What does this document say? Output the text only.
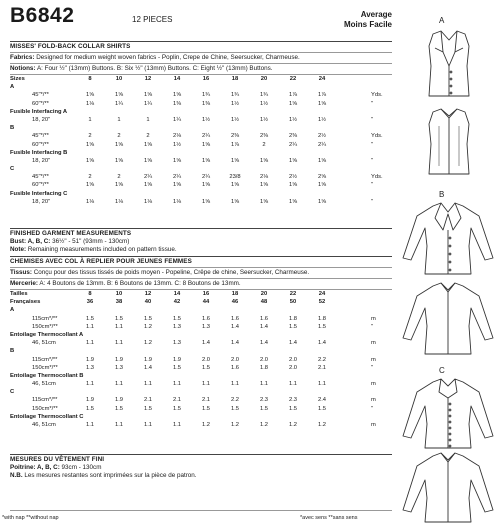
B6842	12 PIECES
Average
Moins Facile
MISSES' FOLD-BACK COLLAR SHIRTS
Fabrics: Designed for medium weight woven fabrics - Poplin, Crepe de Chine, Seersucker, Charmeuse.
Notions: A: Four ½" (13mm) Buttons. B: Six ½" (13mm) Buttons. C: Eight ½" (13mm) Buttons.
Sizes	8	10	12	14	16	18	20	22	24
A
45"*/**	1⅝	1⅝	1⅝	1⅝	1¾	1¾	1¾	1⅞	1⅞	Yds.
60"*/**	1⅛	1¼	1¼	1⅜	1⅜	1½	1½	1⅝	1⅝	"
Fusible Interfacing A
18, 20"	1	1	1	1¼	1½	1½	1½	1½	1½	"
B
45"*/**	2	2	2	2⅛	2¼	2⅜	2⅜	2⅜	2½	Yds.
60"*/**	1⅝	1⅝	1⅝	1½	1⅝	1⅞	2	2¼	2¼	"
Fusible Interfacing B
18, 20"	1⅝	1⅝	1⅝	1⅝	1⅝	1⅝	1⅝	1⅝	1⅝	"
C
45"*/**	2	2	2¼	2¼	2¼	23/8	2⅛	2½	2⅝	Yds.
60"*/**	1⅝	1⅝	1⅝	1⅝	1⅝	1⅝	1⅝	1⅝	1⅝	"
Fusible Interfacing C
18, 20"	1⅛	1⅛	1⅛	1⅛	1⅝	1⅝	1⅝	1⅝	1⅝	"
FINISHED GARMENT MEASUREMENTS
Bust: A, B, C: 36½" - 51" (93mm - 130cm)
Note: Remaining measurements included on pattern tissue.
CHEMISES AVEC COL À REPLIER POUR JEUNES FEMMES
Tissus: Conçu pour des tissus tissés de poids moyen - Popeline, Crêpe de chine, Seersucker, Charmeuse.
Mercerie: A: 4 Boutons de 13mm. B: 6 Boutons de 13mm. C: 8 Boutons de 13mm.
Tailles	8	10	12	14	16	18	20	22	24
Françaises	36	38	40	42	44	46	48	50	52
A
115cm*/**	1.5	1.5	1.5	1.5	1.6	1.6	1.6	1.8	1.8	m
150cm*/**	1.1	1.1	1.2	1.3	1.3	1.4	1.4	1.5	1.5	"
Entoilage Thermocollant A
46, 51cm	1.1	1.1	1.2	1.3	1.4	1.4	1.4	1.4	1.4	m
B
115cm*/**	1.9	1.9	1.9	1.9	2.0	2.0	2.0	2.0	2.2	m
150cm*/**	1.3	1.3	1.4	1.5	1.5	1.6	1.8	2.0	2.1	"
Entoilage Thermocollant B
46, 51cm	1.1	1.1	1.1	1.1	1.1	1.1	1.1	1.1	1.1	m
C
115cm*/**	1.9	1.9	2.1	2.1	2.1	2.2	2.3	2.3	2.4	m
150cm*/**	1.5	1.5	1.5	1.5	1.5	1.5	1.5	1.5	1.5	"
Entoilage Thermocollant C
46, 51cm	1.1	1.1	1.1	1.1	1.2	1.2	1.2	1.2	1.2	m
MESURES DU VÊTEMENT FINI
Poitrine: A, B, C: 93cm - 130cm
N.B. Les mesures restantes sont imprimées sur la pièce de patron.
*with nap **without nap	*avec sens **sans sens
A
B
C
